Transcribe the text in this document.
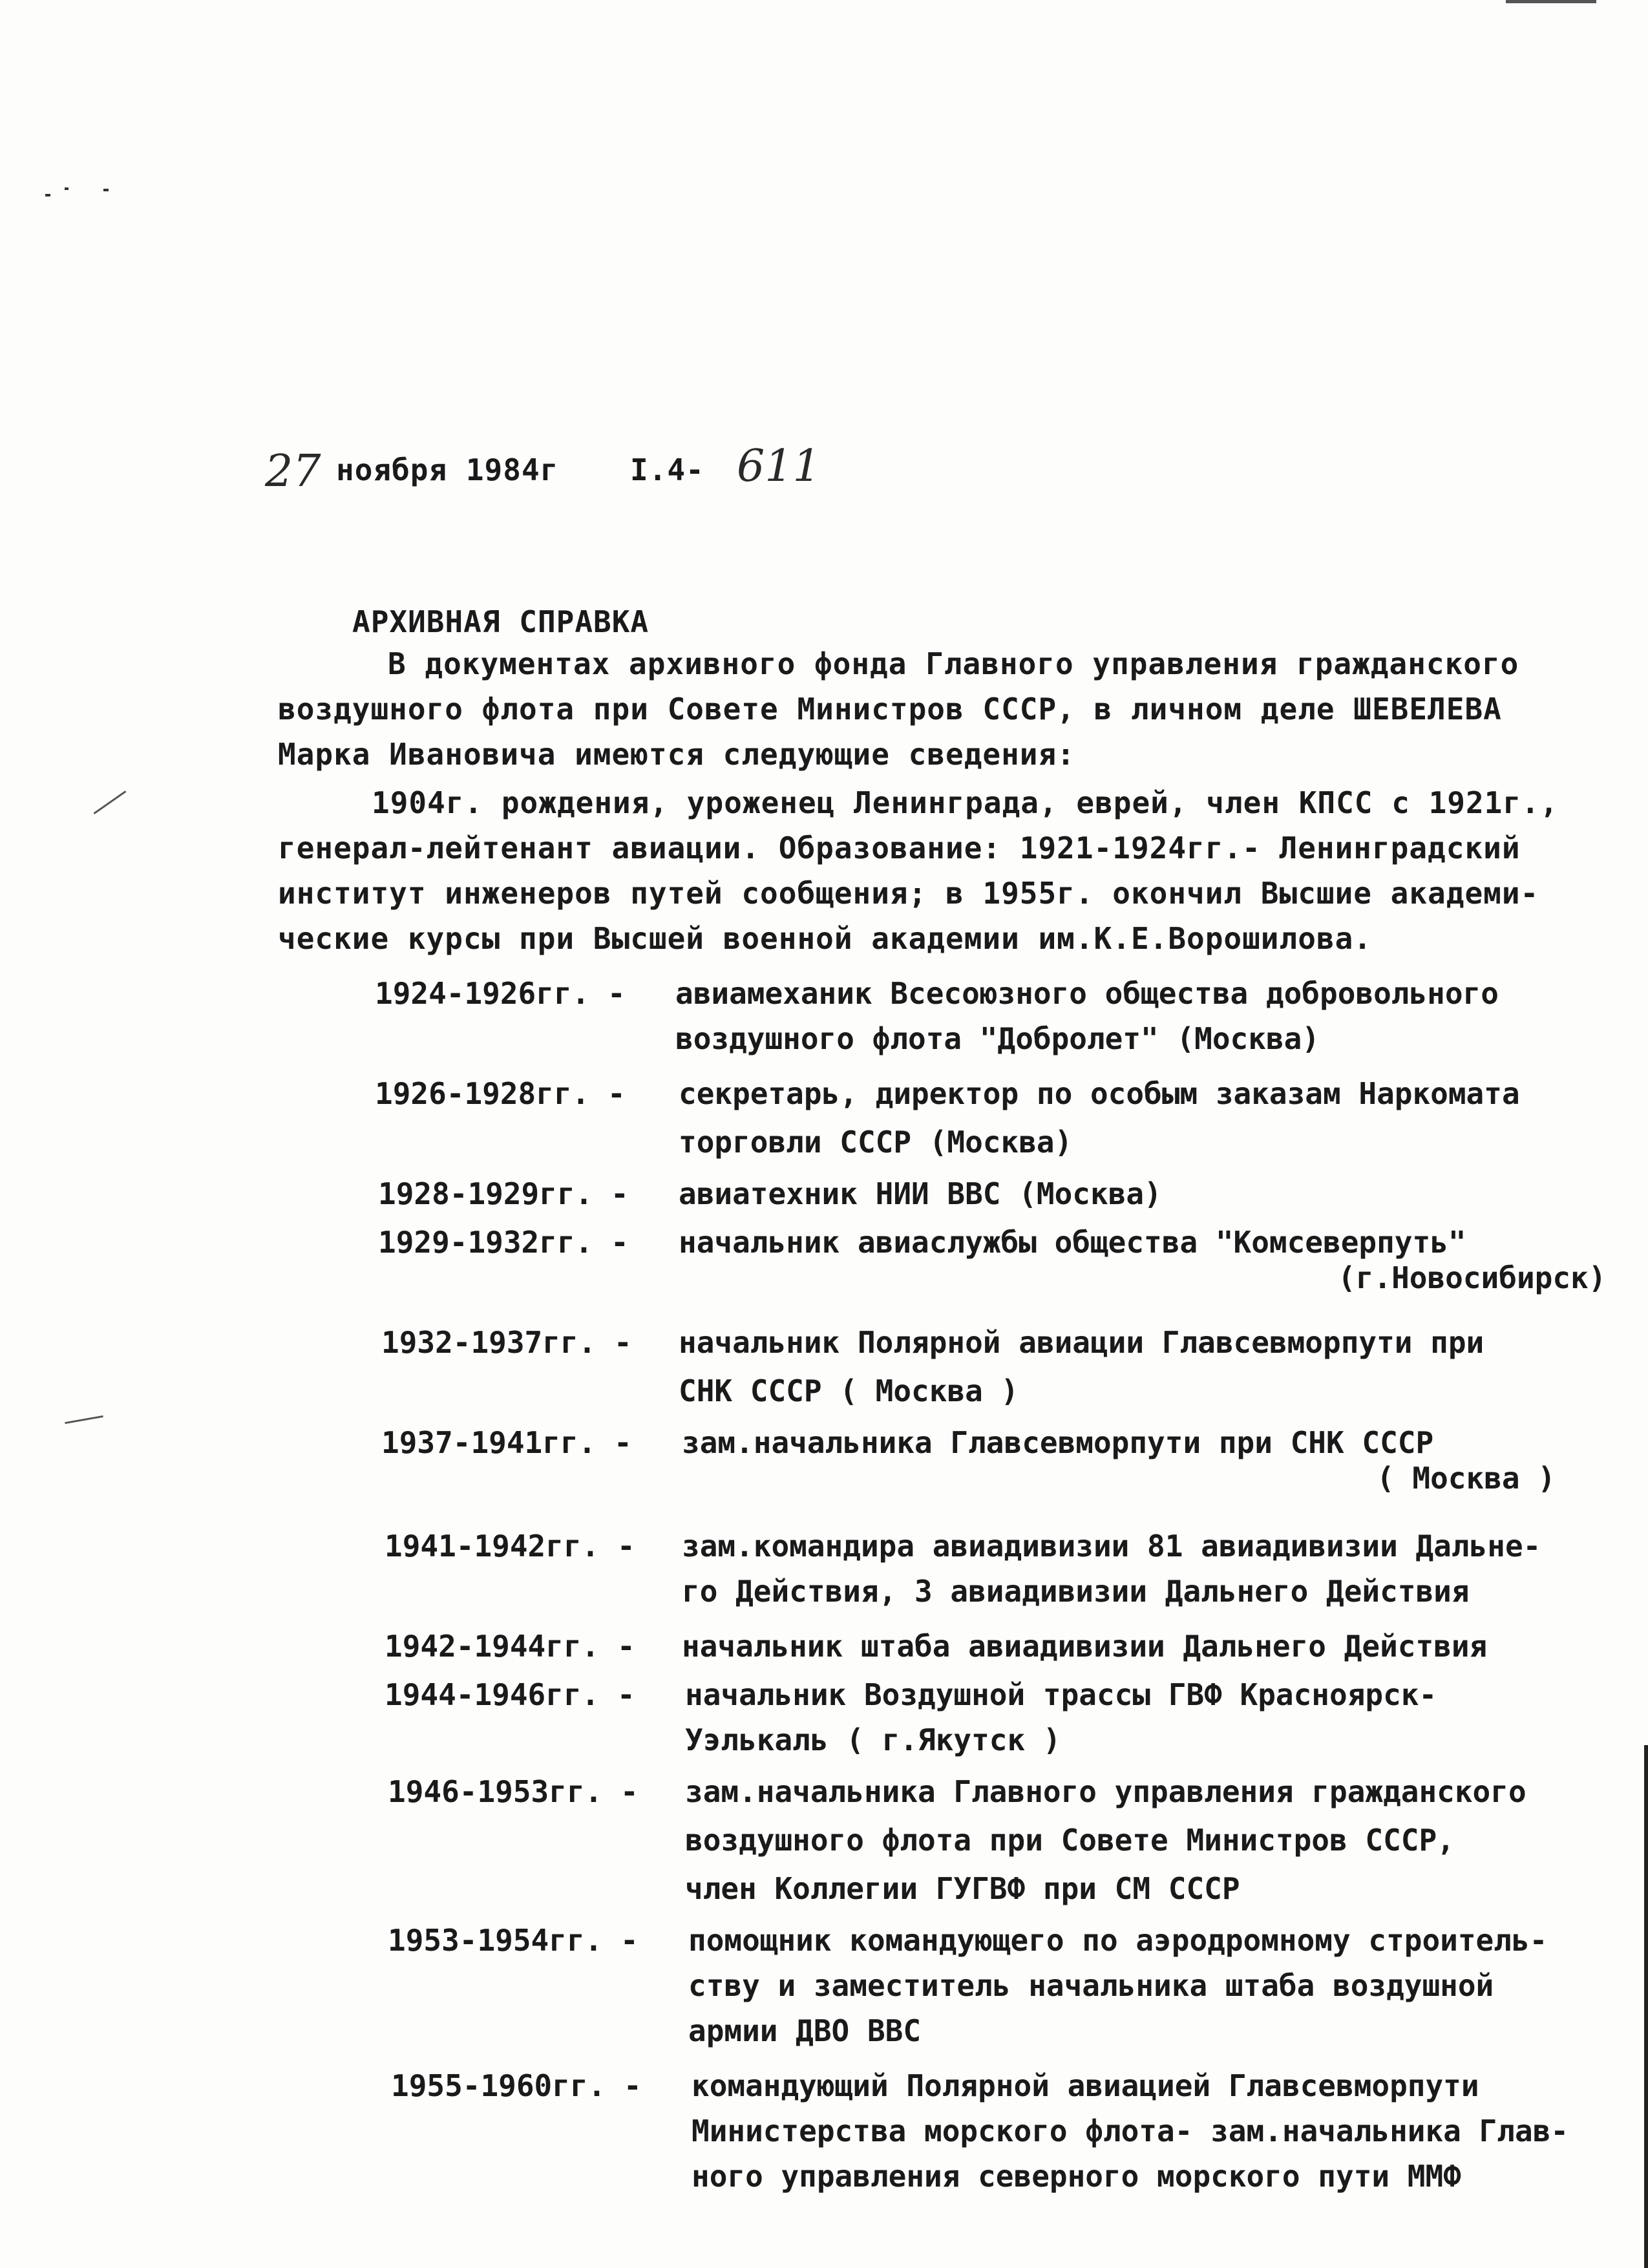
27 ноября 1984г I.4- 611
АРХИВНАЯ СПРАВКА
В документах архивного фонда Главного управления гражданского
воздушного флота при Совете Министров СССР, в личном деле ШЕВЕЛЕВА
Марка Ивановича имеются следующие сведения:
1904г. рождения, уроженец Ленинграда, еврей, член КПСС с 1921г.,
генерал-лейтенант авиации. Образование: 1921-1924гг.- Ленинградский
институт инженеров путей сообщения; в 1955г. окончил Высшие академи-
ческие курсы при Высшей военной академии им.К.Е.Ворошилова.
1924-1926гг. - авиамеханик Всесоюзного общества добровольного
воздушного флота "Добролет" (Москва)
1926-1928гг. - секретарь, директор по особым заказам Наркомата
торговли СССР (Москва)
1928-1929гг. - авиатехник НИИ ВВС (Москва)
1929-1932гг. - начальник авиаслужбы общества "Комсеверпуть"
(г.Новосибирск)
1932-1937гг. - начальник Полярной авиации Главсевморпути при
СНК СССР ( Москва )
1937-1941гг. - зам.начальника Главсевморпути при СНК СССР
( Москва )
1941-1942гг. - зам.командира авиадивизии 81 авиадивизии Дальне-
го Действия, 3 авиадивизии Дальнего Действия
1942-1944гг. - начальник штаба авиадивизии Дальнего Действия
1944-1946гг. - начальник Воздушной трассы ГВФ Красноярск-
Уэлькаль ( г.Якутск )
1946-1953гг. - зам.начальника Главного управления гражданского
воздушного флота при Совете Министров СССР,
член Коллегии ГУГВФ при СМ СССР
1953-1954гг. - помощник командующего по аэродромному строитель-
ству и заместитель начальника штаба воздушной
армии ДВО ВВС
1955-1960гг. - командующий Полярной авиацией Главсевморпути
Министерства морского флота- зам.начальника Глав-
ного управления северного морского пути ММФ
